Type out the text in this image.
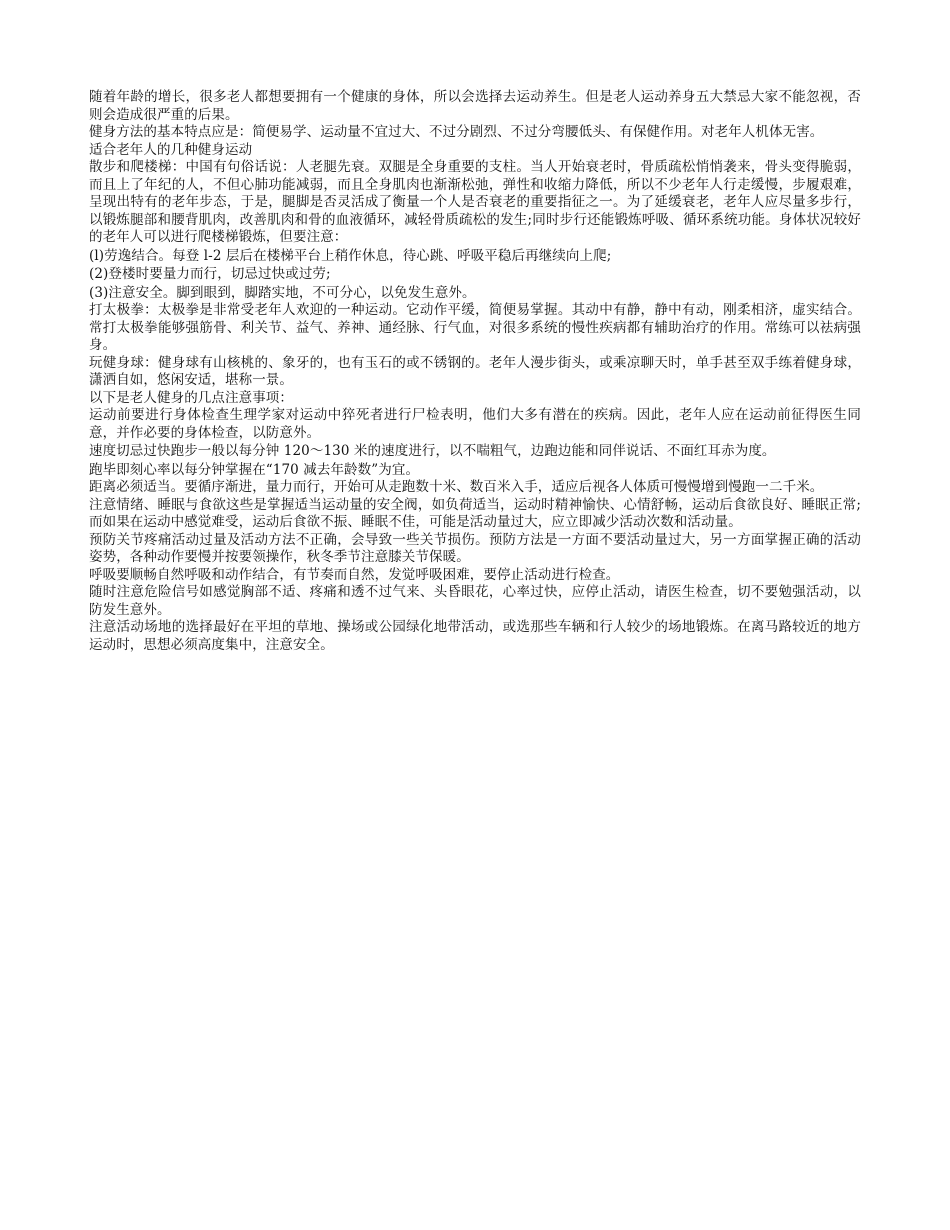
随着年龄的增长，很多老人都想要拥有一个健康的身体，所以会选择去运动养生。但是老人运动养身五大禁忌大家不能忽视，否则会造成很严重的后果。

健身方法的基本特点应是：简便易学、运动量不宜过大、不过分剧烈、不过分弯腰低头、有保健作用。对老年人机体无害。

适合老年人的几种健身运动

散步和爬楼梯：中国有句俗话说：人老腿先衰。双腿是全身重要的支柱。当人开始衰老时，骨质疏松悄悄袭来，骨头变得脆弱，而且上了年纪的人，不但心肺功能减弱，而且全身肌肉也渐渐松弛，弹性和收缩力降低，所以不少老年人行走缓慢，步履艰难，呈现出特有的老年步态，于是，腿脚是否灵活成了衡量一个人是否衰老的重要指征之一。为了延缓衰老，老年人应尽量多步行，以锻炼腿部和腰背肌肉，改善肌肉和骨的血液循环，减轻骨质疏松的发生;同时步行还能锻炼呼吸、循环系统功能。身体状况较好的老年人可以进行爬楼梯锻炼，但要注意：

(l)劳逸结合。每登 l-2 层后在楼梯平台上稍作休息，待心跳、呼吸平稳后再继续向上爬;

(2)登楼时要量力而行，切忌过快或过劳;

(3)注意安全。脚到眼到，脚踏实地，不可分心，以免发生意外。

打太极拳：太极拳是非常受老年人欢迎的一种运动。它动作平缓，简便易掌握。其动中有静，静中有动，刚柔相济，虚实结合。常打太极拳能够强筋骨、利关节、益气、养神、通经脉、行气血，对很多系统的慢性疾病都有辅助治疗的作用。常练可以祛病强身。

玩健身球：健身球有山核桃的、象牙的，也有玉石的或不锈钢的。老年人漫步街头，或乘凉聊天时，单手甚至双手练着健身球，潇洒自如，悠闲安适，堪称一景。

以下是老人健身的几点注意事项：

运动前要进行身体检查生理学家对运动中猝死者进行尸检表明，他们大多有潜在的疾病。因此，老年人应在运动前征得医生同意，并作必要的身体检查，以防意外。

速度切忌过快跑步一般以每分钟 120～130 米的速度进行，以不喘粗气，边跑边能和同伴说话、不面红耳赤为度。

跑毕即刻心率以每分钟掌握在“170 减去年龄数”为宜。

距离必须适当。要循序渐进，量力而行，开始可从走跑数十米、数百米入手，适应后视各人体质可慢慢增到慢跑一二千米。

注意情绪、睡眠与食欲这些是掌握适当运动量的安全阀，如负荷适当，运动时精神愉快、心情舒畅，运动后食欲良好、睡眠正常;而如果在运动中感觉难受，运动后食欲不振、睡眠不佳，可能是活动量过大，应立即减少活动次数和活动量。

预防关节疼痛活动过量及活动方法不正确，会导致一些关节损伤。预防方法是一方面不要活动量过大，另一方面掌握正确的活动姿势，各种动作要慢并按要领操作，秋冬季节注意膝关节保暖。

呼吸要顺畅自然呼吸和动作结合，有节奏而自然，发觉呼吸困难，要停止活动进行检查。

随时注意危险信号如感觉胸部不适、疼痛和透不过气来、头昏眼花，心率过快，应停止活动，请医生检查，切不要勉强活动，以防发生意外。

注意活动场地的选择最好在平坦的草地、操场或公园绿化地带活动，或选那些车辆和行人较少的场地锻炼。在离马路较近的地方运动时，思想必须高度集中，注意安全。
